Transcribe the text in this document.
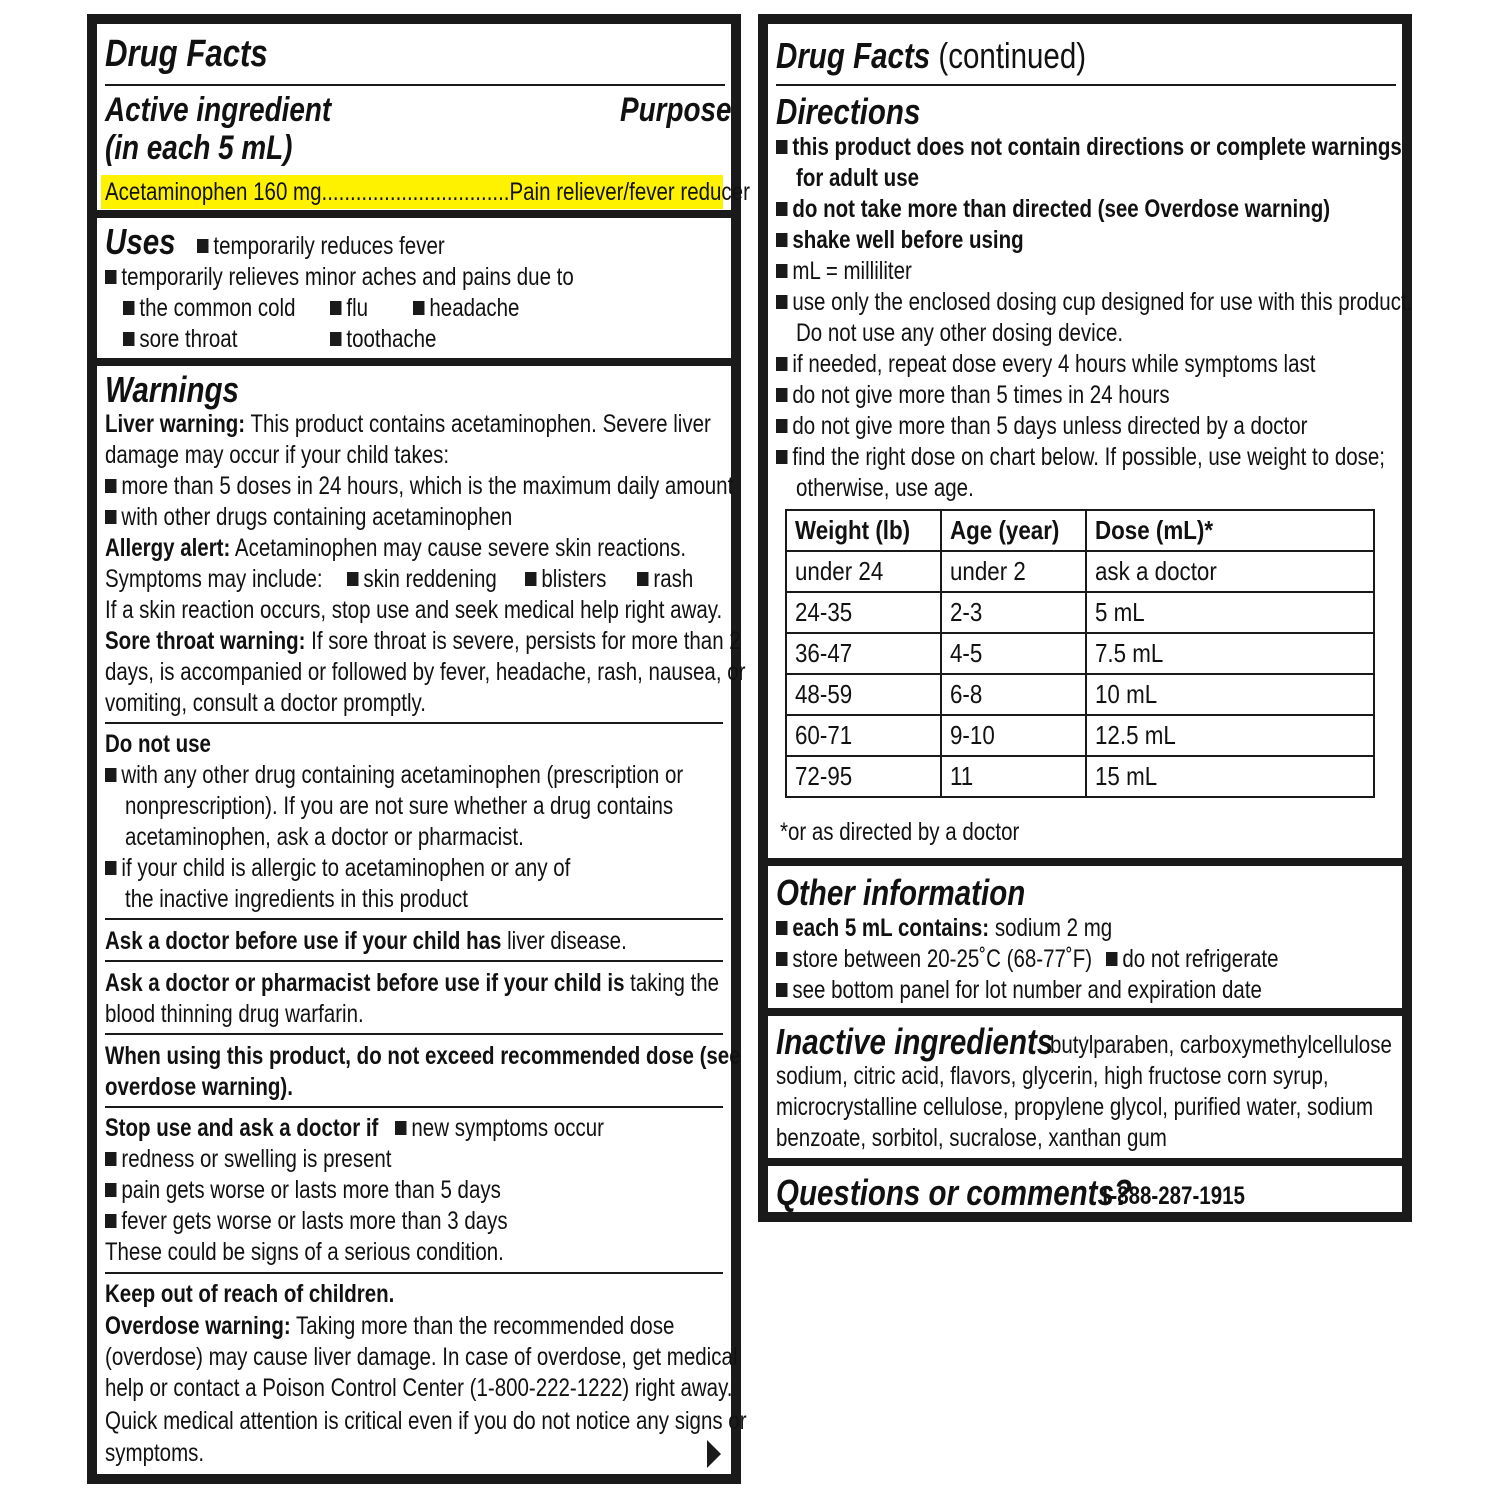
Drug Facts
Active ingredient
(in each 5 mL)
Purpose
Acetaminophen 160 mg.................................Pain reliever/fever reducer
Uses	temporarily reduces fever
temporarily relieves minor aches and pains due to
the common cold	flu	headache
sore throat	toothache
Warnings
Liver warning: This product contains acetaminophen. Severe liver
damage may occur if your child takes:
more than 5 doses in 24 hours, which is the maximum daily amount
with other drugs containing acetaminophen
Allergy alert: Acetaminophen may cause severe skin reactions.
Symptoms may include:	skin reddening	blisters	rash
If a skin reaction occurs, stop use and seek medical help right away.
Sore throat warning: If sore throat is severe, persists for more than 2
days, is accompanied or followed by fever, headache, rash, nausea, or
vomiting, consult a doctor promptly.
Do not use
with any other drug containing acetaminophen (prescription or
nonprescription). If you are not sure whether a drug contains
acetaminophen, ask a doctor or pharmacist.
if your child is allergic to acetaminophen or any of
the inactive ingredients in this product
Ask a doctor before use if your child has liver disease.
Ask a doctor or pharmacist before use if your child is taking the
blood thinning drug warfarin.
When using this product, do not exceed recommended dose (see
overdose warning).
Stop use and ask a doctor if	new symptoms occur
redness or swelling is present
pain gets worse or lasts more than 5 days
fever gets worse or lasts more than 3 days
These could be signs of a serious condition.
Keep out of reach of children.
Overdose warning: Taking more than the recommended dose
(overdose) may cause liver damage. In case of overdose, get medical
help or contact a Poison Control Center (1-800-222-1222) right away.
Quick medical attention is critical even if you do not notice any signs or
symptoms.
Drug Facts (continued)
Directions
this product does not contain directions or complete warnings
for adult use
do not take more than directed (see Overdose warning)
shake well before using
mL = milliliter
use only the enclosed dosing cup designed for use with this product.
Do not use any other dosing device.
if needed, repeat dose every 4 hours while symptoms last
do not give more than 5 times in 24 hours
do not give more than 5 days unless directed by a doctor
find the right dose on chart below. If possible, use weight to dose;
otherwise, use age.
Weight (lb)	Age (year)	Dose (mL)*
under 24	under 2	ask a doctor
24-35	2-3	5 mL
36-47	4-5	7.5 mL
48-59	6-8	10 mL
60-71	9-10	12.5 mL
72-95	11	15 mL
*or as directed by a doctor
Other information
each 5 mL contains: sodium 2 mg
store between 20-25˚C (68-77˚F)	do not refrigerate
see bottom panel for lot number and expiration date
Inactive ingredients
butylparaben, carboxymethylcellulose
sodium, citric acid, flavors, glycerin, high fructose corn syrup,
microcrystalline cellulose, propylene glycol, purified water, sodium
benzoate, sorbitol, sucralose, xanthan gum
Questions or comments?
1-888-287-1915
